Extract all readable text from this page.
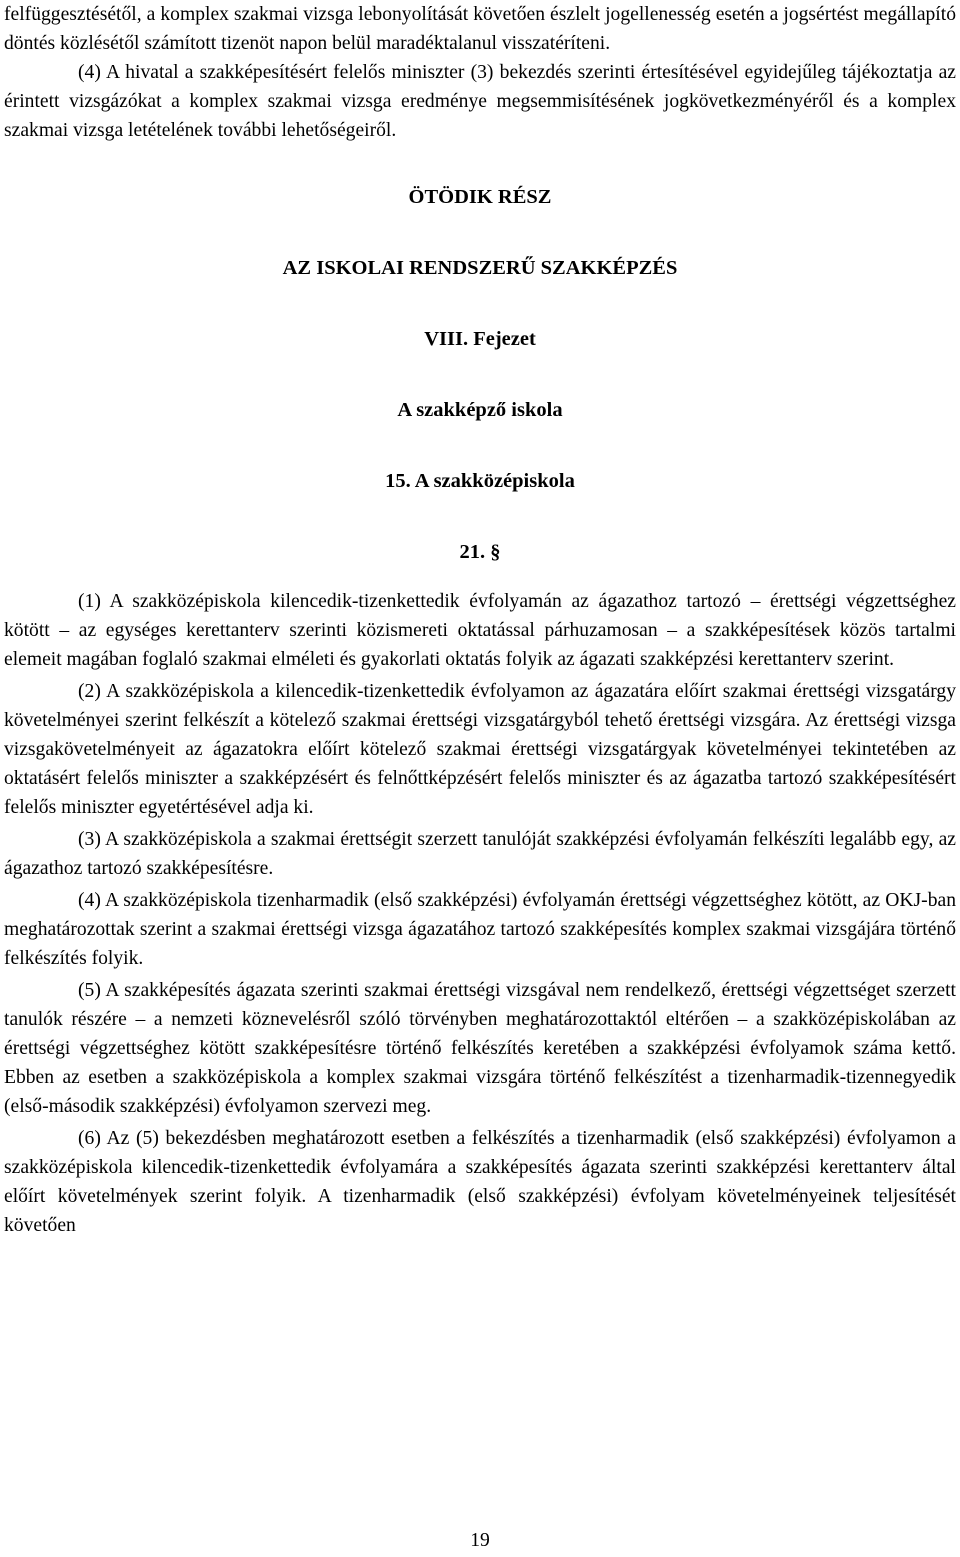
felfüggesztésétől, a komplex szakmai vizsga lebonyolítását követően észlelt jogellenesség esetén a jogsértést megállapító döntés közlésétől számított tizenöt napon belül maradéktalanul visszatéríteni.

(4) A hivatal a szakképesítésért felelős miniszter (3) bekezdés szerinti értesítésével egyidejűleg tájékoztatja az érintett vizsgázókat a komplex szakmai vizsga eredménye megsemmisítésének jogkövetkezményéről és a komplex szakmai vizsga letételének további lehetőségeiről.

ÖTÖDIK RÉSZ

AZ ISKOLAI RENDSZERŰ SZAKKÉPZÉS

VIII. Fejezet

A szakképző iskola

15. A szakközépiskola

21. §

(1) A szakközépiskola kilencedik-tizenkettedik évfolyamán az ágazathoz tartozó – érettségi végzettséghez kötött – az egységes kerettanterv szerinti közismereti oktatással párhuzamosan – a szakképesítések közös tartalmi elemeit magában foglaló szakmai elméleti és gyakorlati oktatás folyik az ágazati szakképzési kerettanterv szerint.

(2) A szakközépiskola a kilencedik-tizenkettedik évfolyamon az ágazatára előírt szakmai érettségi vizsgatárgy követelményei szerint felkészít a kötelező szakmai érettségi vizsgatárgyból tehető érettségi vizsgára. Az érettségi vizsga vizsgakövetelményeit az ágazatokra előírt kötelező szakmai érettségi vizsgatárgyak követelményei tekintetében az oktatásért felelős miniszter a szakképzésért és felnőttképzésért felelős miniszter és az ágazatba tartozó szakképesítésért felelős miniszter egyetértésével adja ki.

(3) A szakközépiskola a szakmai érettségit szerzett tanulóját szakképzési évfolyamán felkészíti legalább egy, az ágazathoz tartozó szakképesítésre.

(4) A szakközépiskola tizenharmadik (első szakképzési) évfolyamán érettségi végzettséghez kötött, az OKJ-ban meghatározottak szerint a szakmai érettségi vizsga ágazatához tartozó szakképesítés komplex szakmai vizsgájára történő felkészítés folyik.

(5) A szakképesítés ágazata szerinti szakmai érettségi vizsgával nem rendelkező, érettségi végzettséget szerzett tanulók részére – a nemzeti köznevelésről szóló törvényben meghatározottaktól eltérően – a szakközépiskolában az érettségi végzettséghez kötött szakképesítésre történő felkészítés keretében a szakképzési évfolyamok száma kettő. Ebben az esetben a szakközépiskola a komplex szakmai vizsgára történő felkészítést a tizenharmadik-tizennegyedik (első-második szakképzési) évfolyamon szervezi meg.

(6) Az (5) bekezdésben meghatározott esetben a felkészítés a tizenharmadik (első szakképzési) évfolyamon a szakközépiskola kilencedik-tizenkettedik évfolyamára a szakképesítés ágazata szerinti szakképzési kerettanterv által előírt követelmények szerint folyik. A tizenharmadik (első szakképzési) évfolyam követelményeinek teljesítését követően

19
